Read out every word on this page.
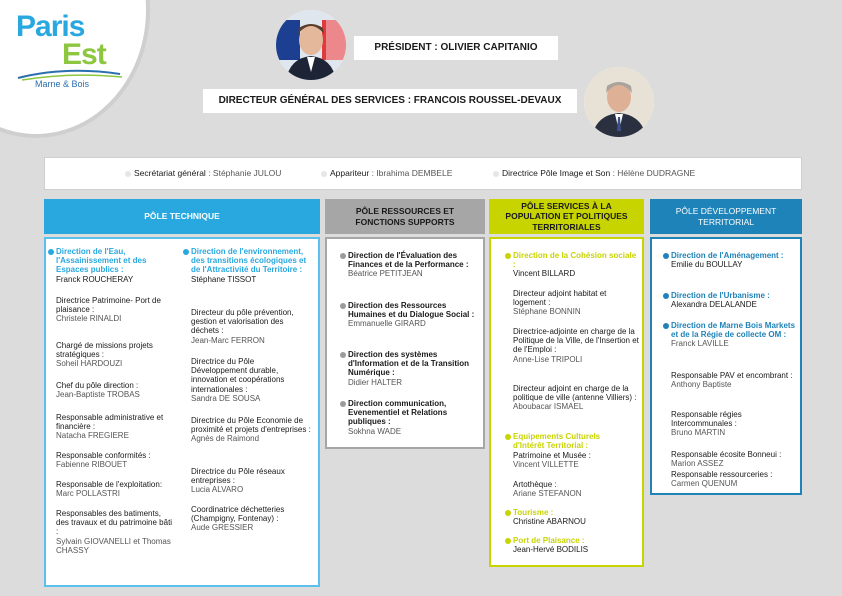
Paris
Est
Marne & Bois
PRÉSIDENT : OLIVIER CAPITANIO
DIRECTEUR GÉNÉRAL DES SERVICES : FRANCOIS ROUSSEL-DEVAUX
Secrétariat général : Stéphanie JULOU	Appariteur : Ibrahima DEMBELE	Directrice Pôle Image et Son : Hélène DUDRAGNE
PÔLE TECHNIQUE
PÔLE RESSOURCES ET FONCTIONS SUPPORTS
PÔLE SERVICES À LA POPULATION ET POLITIQUES TERRITORIALES
PÔLE DÉVELOPPEMENT TERRITORIAL
Direction de l'Eau, l'Assainissement et des Espaces publics :
Franck ROUCHERAY
Directrice Patrimoine- Port de plaisance :
Christele RINALDI
Chargé de missions projets stratégiques :
Soheil HARDOUZI
Chef du pôle direction :
Jean-Baptiste TROBAS
Responsable administrative et financière :
Natacha FREGIERE
Responsable conformités :
Fabienne RIBOUET
Responsable de l'exploitation:
Marc POLLASTRI
Responsables des batiments, des travaux et du patrimoine bâti :
Sylvain GIOVANELLI et Thomas CHASSY
Direction de l'environnement, des transitions écologiques et de l'Attractivité du Territoire :
Stéphane TISSOT
Directeur du pôle prévention, gestion et valorisation des déchets :
Jean-Marc FERRON
Directrice du Pôle Développement durable, innovation et coopérations internationales :
Sandra DE SOUSA
Directrice du Pôle Economie de proximité et projets d'entreprises :
Agnès de Raimond
Directrice du Pôle réseaux entreprises :
Lucia ALVARO
Coordinatrice déchetteries (Champigny, Fontenay) :
Aude GRESSIER
Direction de l'Évaluation des Finances et de la Performance :
Béatrice PETITJEAN
Direction des Ressources Humaines et du Dialogue Social :
Emmanuelle GIRARD
Direction des systèmes d'Information et de la Transition Numérique :
Didier HALTER
Direction communication, Evenementiel et Relations publiques :
Sokhna WADE
Direction de la Cohésion sociale :
Vincent BILLARD
Directeur adjoint habitat et logement :
Stéphane BONNIN
Directrice-adjointe en charge de la Politique de la Ville, de l'Insertion et de l'Emploi :
Anne-Lise TRIPOLI
Directeur adjoint en charge de la politique de ville (antenne Villiers) :
Aboubacar ISMAEL
Equipements Culturels d'Intérêt Territorial :
Patrimoine et Musée :
Vincent VILLETTE
Artothèque :
Ariane STEFANON
Tourisme :
Christine ABARNOU
Port de Plaisance :
Jean-Hervé BODILIS
Direction de l'Aménagement :
Emilie du BOULLAY
Direction de l'Urbanisme :
Alexandra DELALANDE
Direction de Marne Bois Markets et de la Régie de collecte OM :
Franck LAVILLE
Responsable PAV et encombrant :
Anthony Baptiste
Responsable régies Intercommunales :
Bruno MARTIN
Responsable écosite Bonneui :
Marion ASSEZ
Responsable ressourceries :
Carmen QUENUM
